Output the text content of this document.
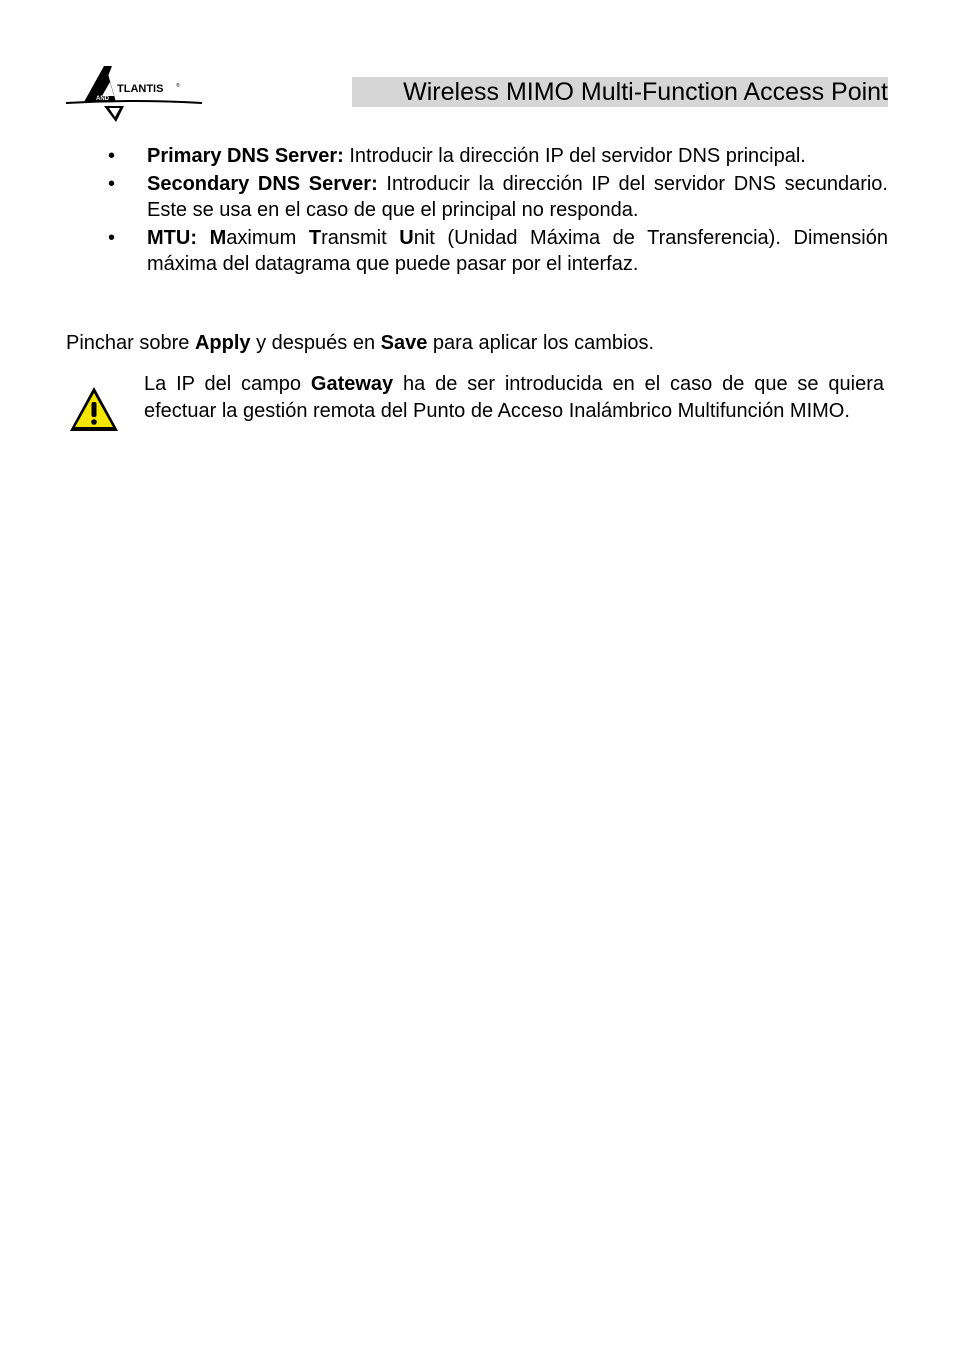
TLANTIS	®
AND	Wireless MIMO Multi-Function Access Point
• Primary DNS Server: Introducir la dirección IP del servidor DNS principal.
• Secondary DNS Server: Introducir la dirección IP del servidor DNS secundario. Este se usa en el caso de que el principal no responda.
• MTU: Maximum Transmit Unit (Unidad Máxima de Transferencia). Dimensión máxima del datagrama que puede pasar por el interfaz.

Pinchar sobre Apply y después en Save para aplicar los cambios.

La IP del campo Gateway ha de ser introducida en el caso de que se quiera efectuar la gestión remota del Punto de Acceso Inalámbrico Multifunción MIMO.
